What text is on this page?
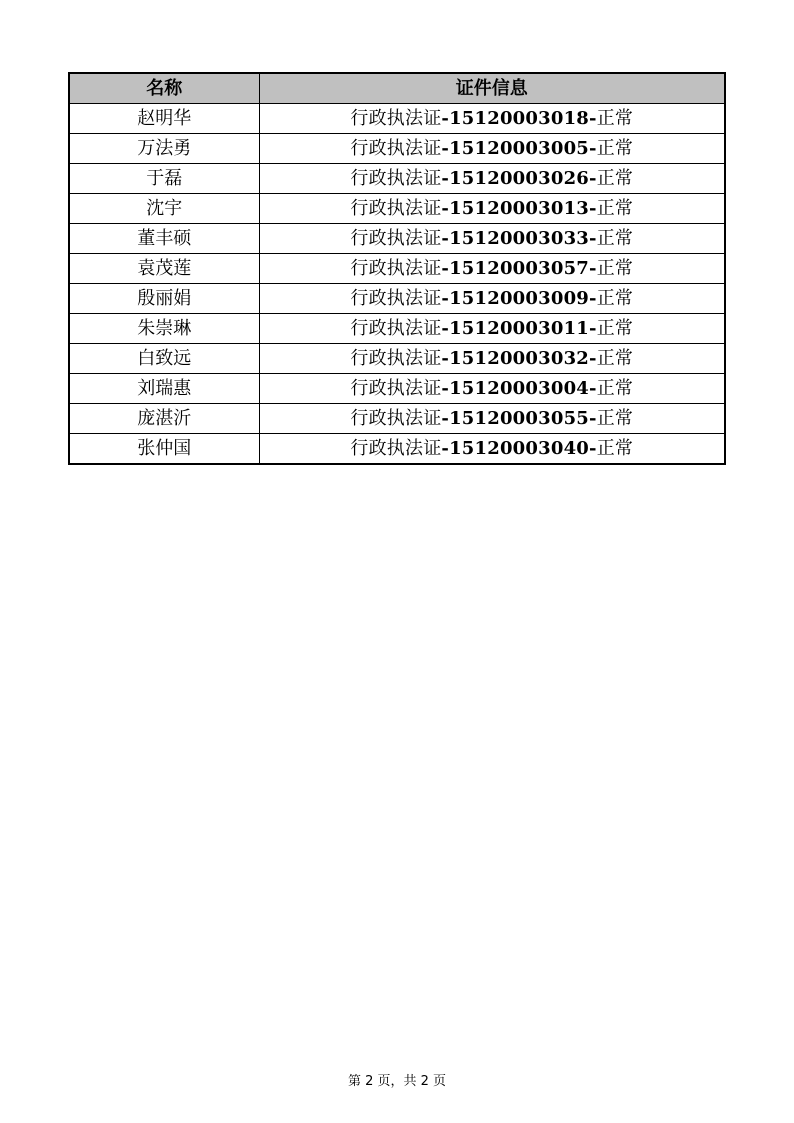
名称	证件信息
赵明华	行政执法证-15120003018-正常
万法勇	行政执法证-15120003005-正常
于磊	行政执法证-15120003026-正常
沈宇	行政执法证-15120003013-正常
董丰硕	行政执法证-15120003033-正常
袁茂莲	行政执法证-15120003057-正常
殷丽娟	行政执法证-15120003009-正常
朱崇琳	行政执法证-15120003011-正常
白致远	行政执法证-15120003032-正常
刘瑞惠	行政执法证-15120003004-正常
庞湛沂	行政执法证-15120003055-正常
张仲国	行政执法证-15120003040-正常
第 2 页，共 2 页
